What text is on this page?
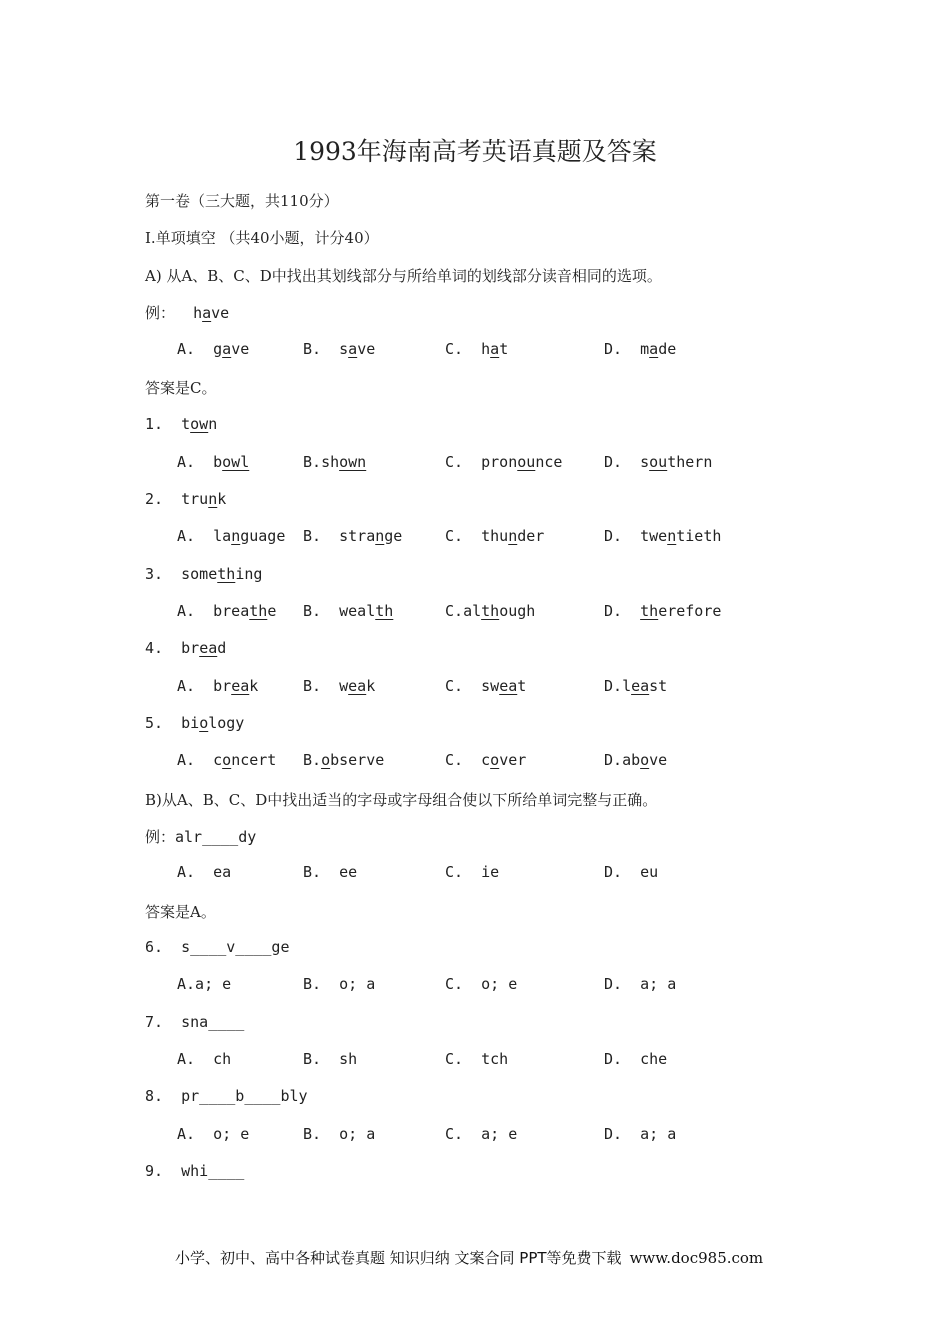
1993年海南高考英语真题及答案
第一卷（三大题，共110分）
Ⅰ.单项填空 （共40小题，计分40）
A) 从A、B、C、D中找出其划线部分与所给单词的划线部分读音相同的选项。
例： have
A. gave	B. save	C. hat	D. made
答案是C。
1. town
A. bowl	B.shown	C. pronounce	D. southern
2. trunk
A. language B. strange	C. thunder	D. twentieth
3. something
A. breathe B. wealth	C.although	D. therefore
4. bread
A. break	B. weak	C. sweat	D.least
5. biology
A. concert B.observe	C. cover	D.above
B)从A、B、C、D中找出适当的字母或字母组合使以下所给单词完整与正确。
例：alr____dy
A.  ea	B.  ee	C.  ie	D.  eu
答案是A。
6.  s____v____ge
A.a; e	B.  o; a	C.  o; e	D.  a; a
7.  sna____
A.  ch	B.  sh	C.  tch	D.  che
8.  pr____b____bly
A.  o; e	B.  o; a	C.  a; e	D.  a; a
9.  whi____
小学、初中、高中各种试卷真题 知识归纳 文案合同 PPT等免费下载 www.doc985.com
